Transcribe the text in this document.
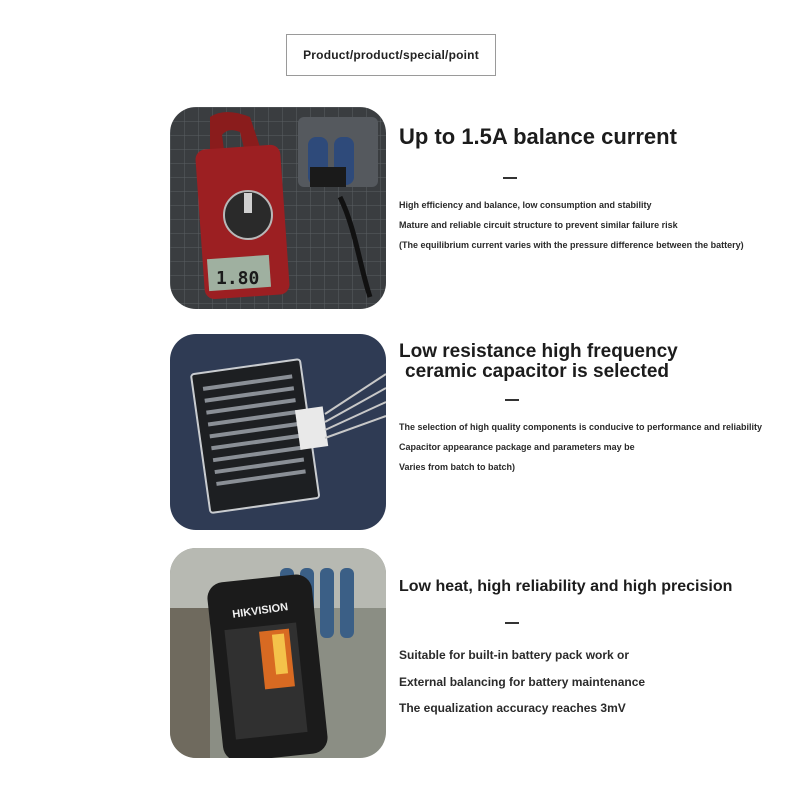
Product/product/special/point
1.80
Up to 1.5A balance current
High efficiency and balance, low consumption and stability
Mature and reliable circuit structure to prevent similar failure risk
(The equilibrium current varies with the pressure difference between the battery)
Low resistance high frequency
ceramic capacitor is selected
The selection of high quality components is conducive to performance and reliability
Capacitor appearance package and parameters may be
Varies from batch to batch)
HIKVISION
Low heat, high reliability and high precision
Suitable for built-in battery pack work or
External balancing for battery maintenance
The equalization accuracy reaches 3mV
